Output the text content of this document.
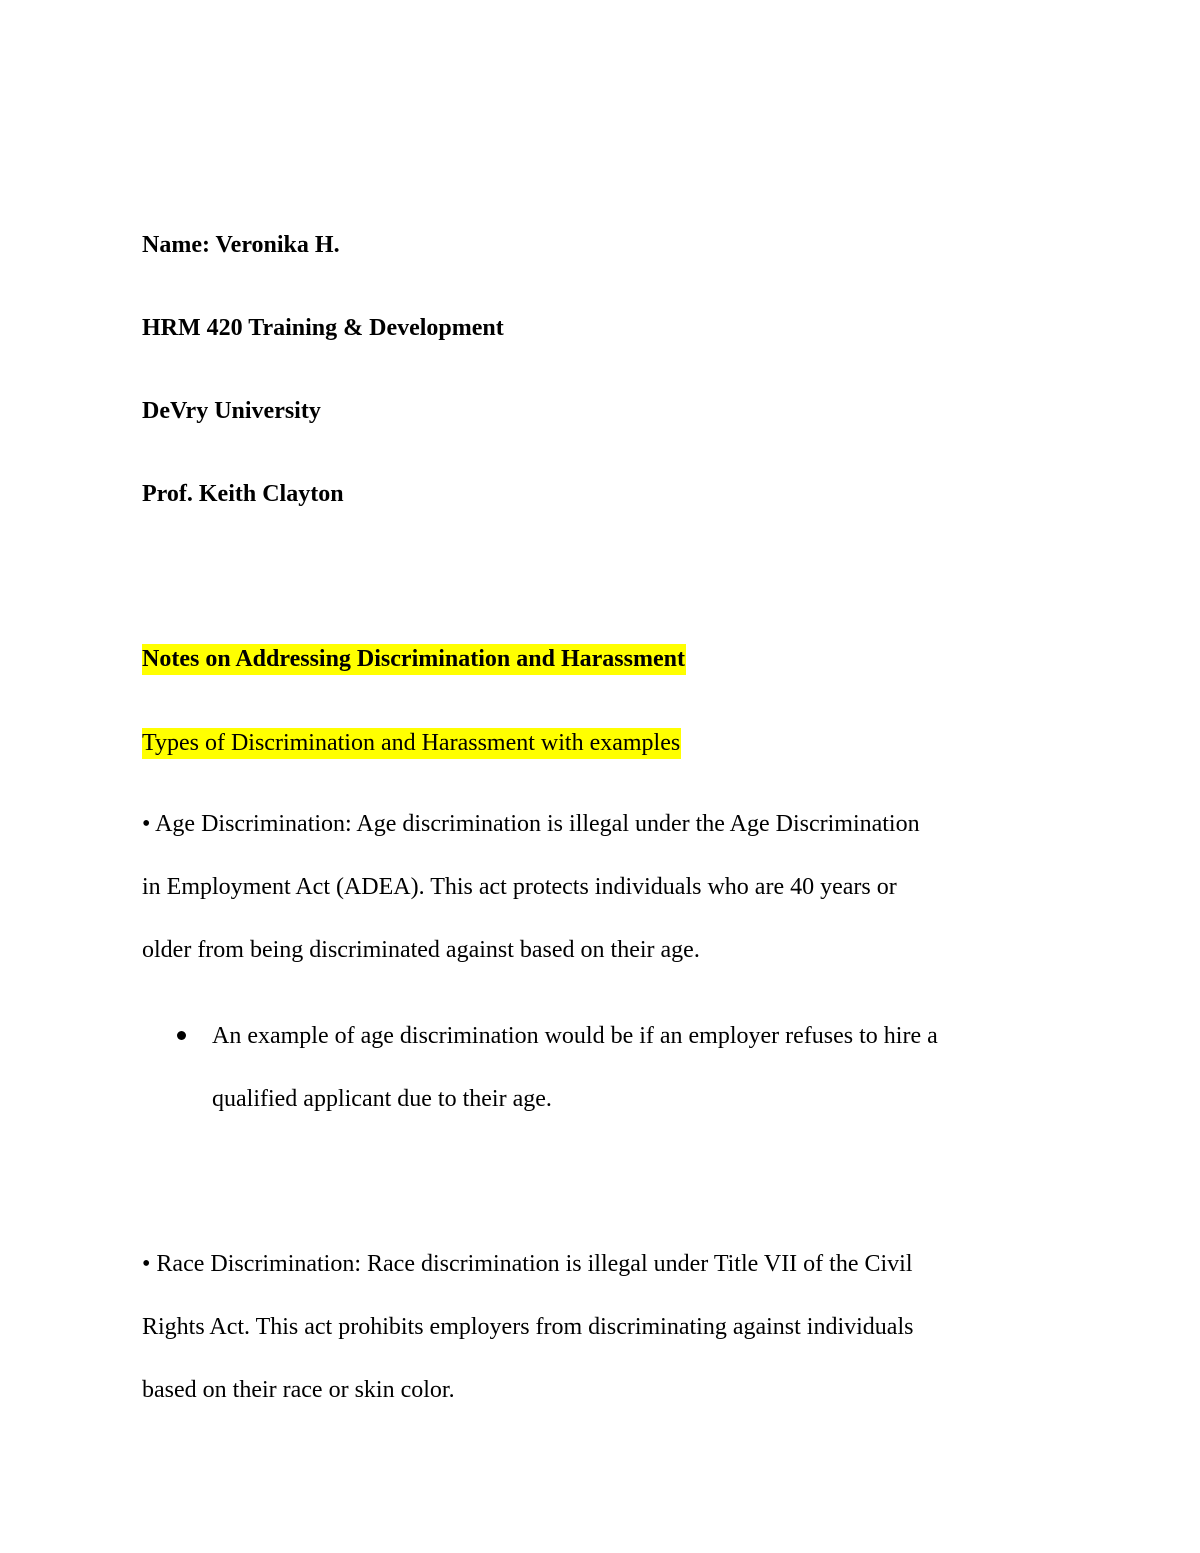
Name: Veronika H.
HRM 420 Training & Development
DeVry University
Prof. Keith Clayton
Notes on Addressing Discrimination and Harassment
Types of Discrimination and Harassment with examples
• Age Discrimination: Age discrimination is illegal under the Age Discrimination
in Employment Act (ADEA). This act protects individuals who are 40 years or
older from being discriminated against based on their age.
An example of age discrimination would be if an employer refuses to hire a
qualified applicant due to their age.
• Race Discrimination: Race discrimination is illegal under Title VII of the Civil
Rights Act. This act prohibits employers from discriminating against individuals
based on their race or skin color.
